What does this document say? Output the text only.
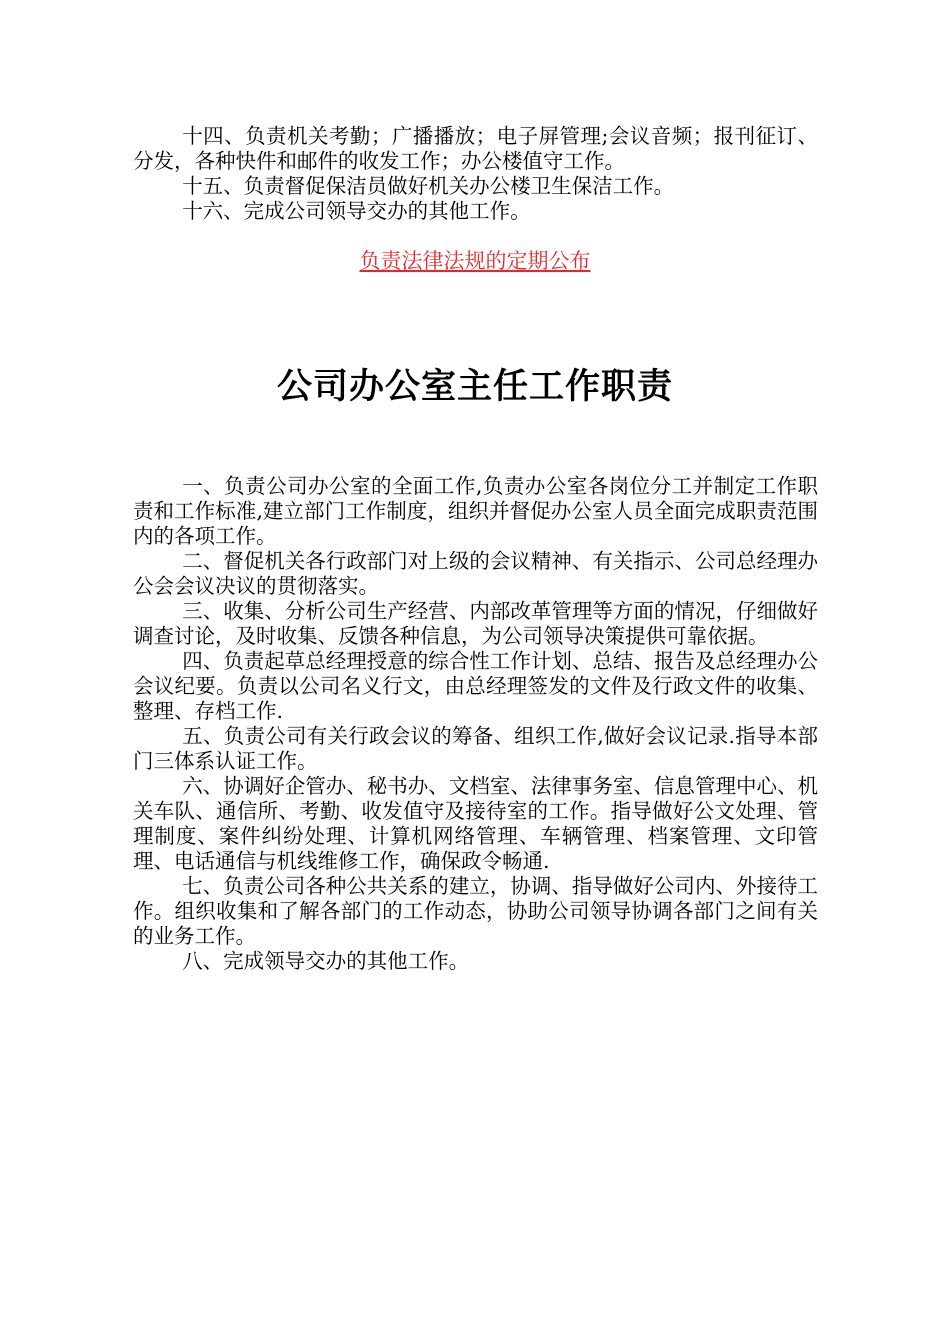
十四、负责机关考勤；广播播放；电子屏管理;会议音频；报刊征订、分发，各种快件和邮件的收发工作；办公楼值守工作。

十五、负责督促保洁员做好机关办公楼卫生保洁工作。

十六、完成公司领导交办的其他工作。

负责法律法规的定期公布
公司办公室主任工作职责

一、负责公司办公室的全面工作,负责办公室各岗位分工并制定工作职责和工作标准,建立部门工作制度，组织并督促办公室人员全面完成职责范围内的各项工作。

二、督促机关各行政部门对上级的会议精神、有关指示、公司总经理办公会会议决议的贯彻落实。

三、收集、分析公司生产经营、内部改革管理等方面的情况，仔细做好调查讨论，及时收集、反馈各种信息，为公司领导决策提供可靠依据。

四、负责起草总经理授意的综合性工作计划、总结、报告及总经理办公会议纪要。负责以公司名义行文，由总经理签发的文件及行政文件的收集、整理、存档工作.

五、负责公司有关行政会议的筹备、组织工作,做好会议记录.指导本部门三体系认证工作。

六、协调好企管办、秘书办、文档室、法律事务室、信息管理中心、机关车队、通信所、考勤、收发值守及接待室的工作。指导做好公文处理、管理制度、案件纠纷处理、计算机网络管理、车辆管理、档案管理、文印管理、电话通信与机线维修工作，确保政令畅通.

七、负责公司各种公共关系的建立，协调、指导做好公司内、外接待工作。组织收集和了解各部门的工作动态，协助公司领导协调各部门之间有关的业务工作。

八、完成领导交办的其他工作。
